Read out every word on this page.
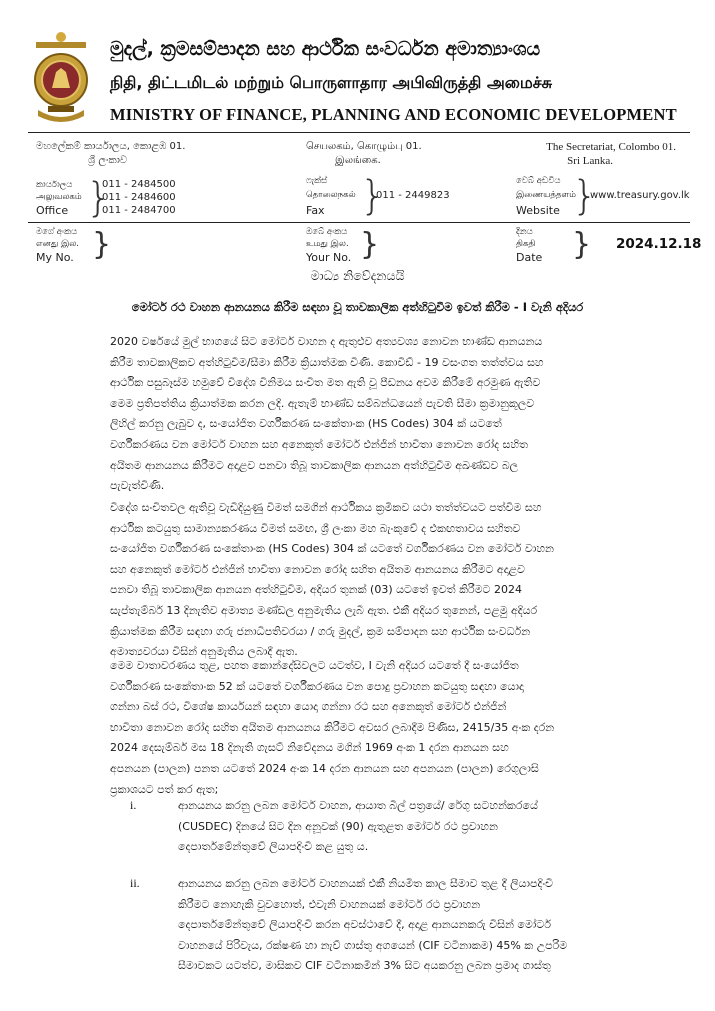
මුදල්, ක්‍රමසම්පාදන සහ ආර්ථික සංවර්ධන අමාත්‍යාංශය
நிதி, திட்டமிடல் மற்றும் பொருளாதார அபிவிருத்தி அமைச்சு
MINISTRY OF FINANCE, PLANNING AND ECONOMIC DEVELOPMENT
මහලේකම් කාර්යාලය, කොළඹ 01.
ශ්‍රී ලංකාව
செயலகம், கொழும்பு 01.
இலங்கை.
The Secretariat, Colombo 01.
Sri Lanka.
කාර්යාලය
அலுவலகம்
Office }
011 - 2484500
011 - 2484600
011 - 2484700
ෆැක්ස්
தொலைநகல்
Fax }
011 - 2449823
වෙබ් අඩවිය
இணையத்தளம்
Website }
www.treasury.gov.lk
මගේ අංකය
எனது இல.
My No. }	ඔබේ අංකය
உமது இல.
Your No. }	දිනය
திகதி
Date } 2024.12.18
මාධ්‍ය නිවේදනයයි
මෝටර් රථ වාහන ආනයනය කිරීම සඳහා වූ තාවකාලික අත්හිටුවීම ඉවත් කිරීම - I වැනි අදියර
2020 වර්ෂයේ මුල් භාගයේ සිට මෝටර් වාහන ද ඇතුළුව අත්‍යවශ්‍ය නොවන භාණ්ඩ ආනයනය
කිරීම තාවකාලිකව අත්හිටුවීම/සීමා කිරීම ක්‍රියාත්මක විණි. කොවිඩ් - 19 වසංගත තත්ත්වය සහ
ආර්ථික පසුබෑස්ම හමුවේ විදේශ විනිමය සංචිත මත ඇති වූ පීඩනය අවම කිරීමේ අරමුණ ඇතිව
මෙම ප්‍රතිපත්තිය ක්‍රියාත්මක කරන ලදි. ඇතැම් භාණ්ඩ සම්බන්ධයෙන් පැවති සීමා ක්‍රමානුකූලව
ලිහිල් කරනු ලැබුව ද, සංයෝජිත වර්ගීකරණ සංකේතාංක (HS Codes) 304 ක් යටතේ
වර්ගීකරණය වන මෝටර් වාහන සහ අනෙකුත් මෝටර් එන්ජින් භාවිතා නොවන රෝද සහිත
අයිතම ආනයනය කිරීමට අදාළව පනවා තිබූ තාවකාලික ආනයන අත්හිටුවීම අඛණ්ඩව බල
පැවැත්විණි.
විදේශ සංචිතවල ඇතිවූ වැඩිදියුණු වීමත් සමගින් ආර්ථිකය ක්‍රමිකව යථා තත්ත්වයට පත්වීම සහ
ආර්ථික කටයුතු සාමාන්‍යකරණය වීමත් සමඟ, ශ්‍රී ලංකා මහ බැංකුවේ ද එකඟතාවය සහිතව
සංයෝජිත වර්ගීකරණ සංකේතාංක (HS Codes) 304 ක් යටතේ වර්ගීකරණය වන මෝටර් වාහන
සහ අනෙකුත් මෝටර් එන්ජින් භාවිතා නොවන රෝද සහිත අයිතම ආනයනය කිරීමට අදාළව
පනවා තිබූ තාවකාලික ආනයන අත්හිටුවීම, අදියර තුනක් (03) යටතේ ඉවත් කිරීමට 2024
සැප්තැම්බර් 13 දිනැතිව අමාත්‍ය මණ්ඩල අනුමැතිය ලැබී ඇත. එකී අදියර තුනෙන්, පළමු අදියර
ක්‍රියාත්මක කිරීම සඳහා ගරු ජනාධිපතිවරයා / ගරු මුදල්, ක්‍රම සම්පාදන සහ ආර්ථික සංවර්ධන
අමාත්‍යවරයා විසින් අනුමැතිය ලබාදී ඇත.
මෙම වාතාවරණය තුළ, පහත කොන්දේසිවලට යටත්ව, I වැනි අදියර යටතේ දී සංයෝජිත
වර්ගීකරණ සංකේතාංක 52 ක් යටතේ වර්ගීකරණය වන පොදු ප්‍රවාහන කටයුතු සඳහා යොදා
ගන්නා බස් රථ, විශේෂ කාර්යයන් සඳහා යොදා ගන්නා රථ සහ අනෙකුත් මෝටර් එන්ජින්
භාවිතා නොවන රෝද සහිත අයිතම ආනයනය කිරීමට අවසර ලබාදීම පිණිස, 2415/35 අංක දරන
2024 දෙසැම්බර් මස 18 දිනැති ගැසට් නිවේදනය මගින් 1969 අංක 1 දරන ආනයන සහ
අපනයන (පාලන) පනත යටතේ 2024 අංක 14 දරන ආනයන සහ අපනයන (පාලන) රෙගුලාසි
ප්‍රකාශයට පත් කර ඇත;
i.	ආනයනය කරනු ලබන මෝටර් වාහන, ආයාත බිල් පත්‍රයේ/ රේගු සටහන්කරයේ
(CUSDEC) දිනයේ සිට දින අනූවක් (90) ඇතුළත මෝටර් රථ ප්‍රවාහන
දෙපාර්තමේන්තුවේ ලියාපදිංචි කළ යුතු ය.
ii.	ආනයනය කරනු ලබන මෝටර් වාහනයක් එකී නියමිත කාල සීමාව තුළ දී ලියාපදිංචි
කිරීමට නොහැකි වුවහොත්, එවැනි වාහනයක් මෝටර් රථ ප්‍රවාහන
දෙපාර්තමේන්තුවේ ලියාපදිංචි කරන අවස්ථාවේ දී, අදාළ ආනයනකරු විසින් මෝටර්
වාහනයේ පිරිවැය, රක්ෂණ හා නැව් ගාස්තු අගයෙන් (CIF වටිනාකම) 45% ක උපරිම
සීමාවකට යටත්ව, මාසිකව CIF වටිනාකමින් 3% සිට අයකරනු ලබන ප්‍රමාද ගාස්තු
